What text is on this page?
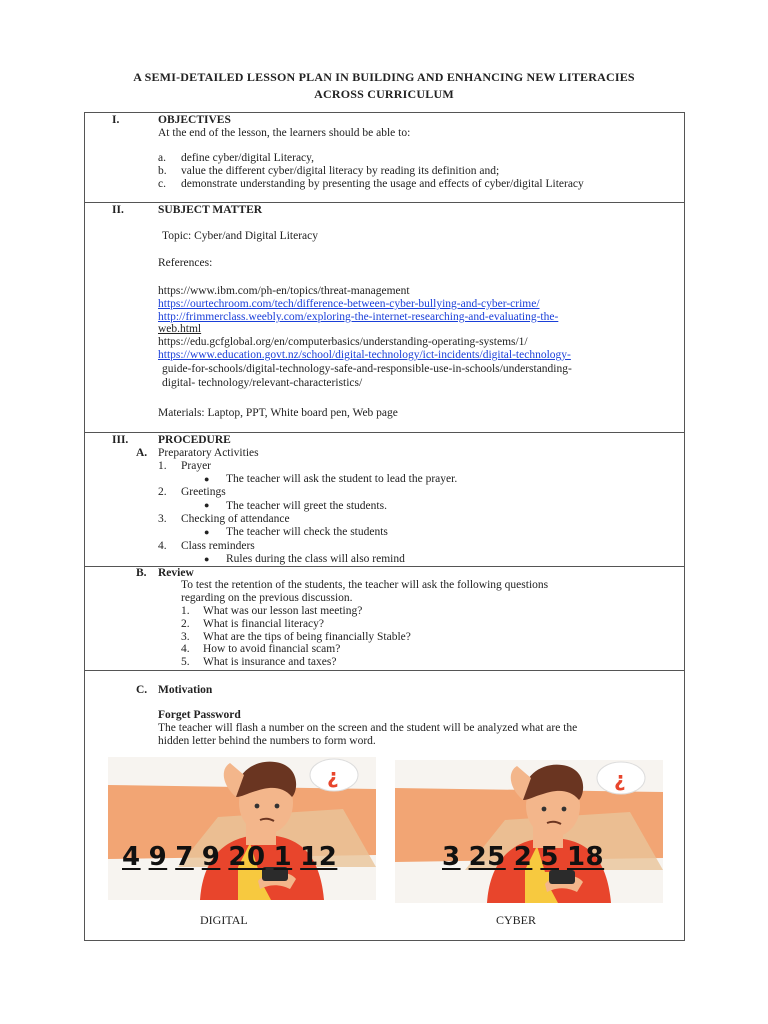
A SEMI-DETAILED LESSON PLAN IN BUILDING AND ENHANCING NEW LITERACIES
ACROSS CURRICULUM
I.	OBJECTIVES
At the end of the lesson, the learners should be able to:
a. define cyber/digital Literacy,
b. value the different cyber/digital literacy by reading its definition and;
c. demonstrate understanding by presenting the usage and effects of cyber/digital Literacy
II.	SUBJECT MATTER
Topic: Cyber/and Digital Literacy
References:
https://www.ibm.com/ph-en/topics/threat-management
https://ourtechroom.com/tech/difference-between-cyber-bullying-and-cyber-crime/
http://frimmerclass.weebly.com/exploring-the-internet-researching-and-evaluating-the-
web.html
https://edu.gcfglobal.org/en/computerbasics/understanding-operating-systems/1/
https://www.education.govt.nz/school/digital-technology/ict-incidents/digital-technology-
guide-for-schools/digital-technology-safe-and-responsible-use-in-schools/understanding-
digital- technology/relevant-characteristics/
Materials: Laptop, PPT, White board pen, Web page
III.	PROCEDURE
A. Preparatory Activities
1. Prayer
● The teacher will ask the student to lead the prayer.
2. Greetings
● The teacher will greet the students.
3. Checking of attendance
● The teacher will check the students
4. Class reminders
● Rules during the class will also remind
B. Review
To test the retention of the students, the teacher will ask the following questions
regarding on the previous discussion.
1. What was our lesson last meeting?
2. What is financial literacy?
3. What are the tips of being financially Stable?
4. How to avoid financial scam?
5. What is insurance and taxes?
C. Motivation
Forget Password
The teacher will flash a number on the screen and the student will be analyzed what are the
hidden letter behind the numbers to form word.
¿	¿
4 9 7 9 20 1 12	3 25 2 5 18
DIGITAL	CYBER
